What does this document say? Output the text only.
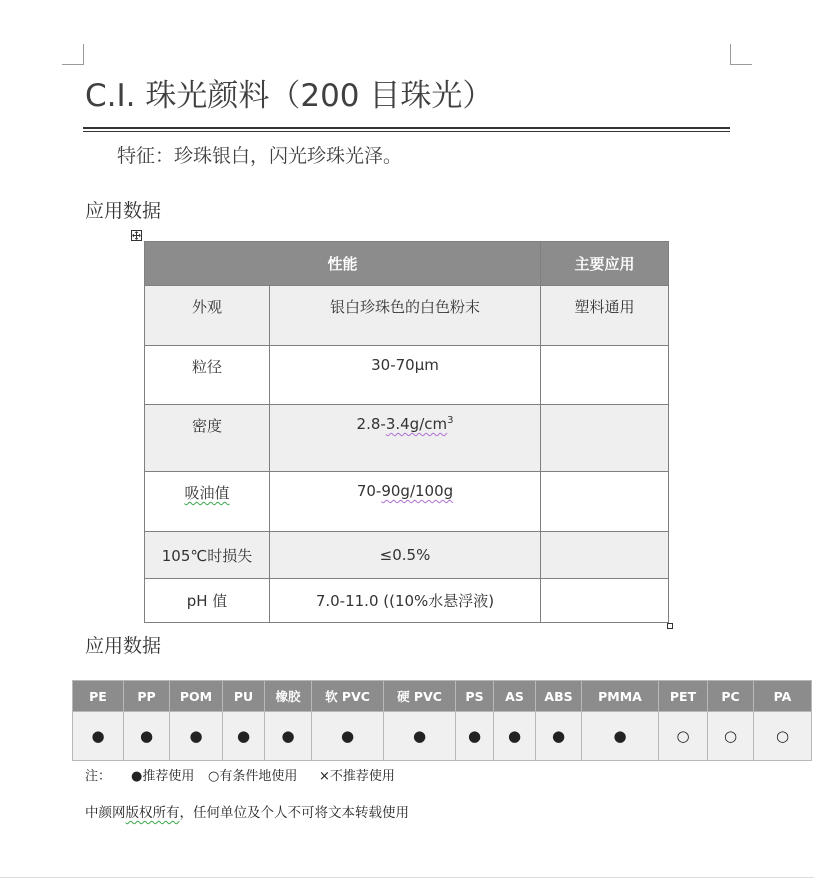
C.I. 珠光颜料（200 目珠光）
特征：珍珠银白，闪光珍珠光泽。
应用数据
性能		主要应用
外观	银白珍珠色的白色粉末	塑料通用
粒径	30-70μm	
密度	$2.8-3.4g/cm^3$	
吸油值	70-90g/100g	
105℃时损失	≤0.5%	
pH 值	7.0-11.0 ((10%水悬浮液)	
应用数据
PE	PP	POM	PU	橡胶	软 PVC	硬 PVC	PS	AS	ABS	PMMA	PET	PC	PA
●	●	●	●	●	●	●	●	●	●	●	○	○	○
注： ●推荐使用 ○有条件地使用 ×不推荐使用
中颜网版权所有，任何单位及个人不可将文本转载使用
